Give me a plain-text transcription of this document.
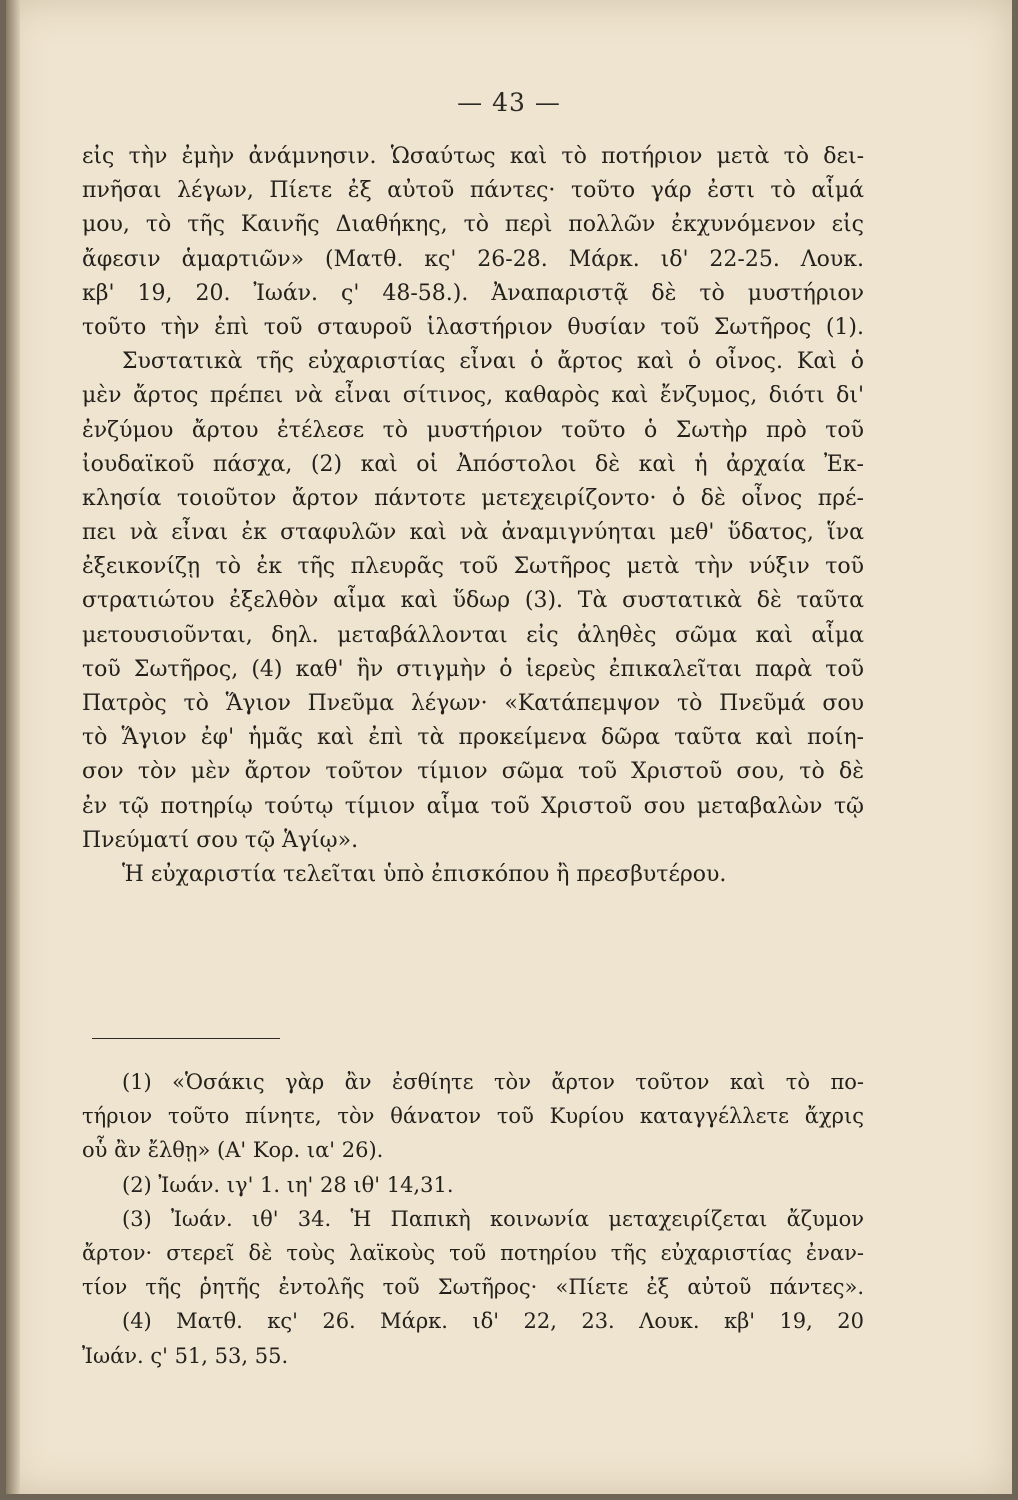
— 43 —
εἰς τὴν ἐμὴν ἀνάμνησιν. Ὡσαύτως καὶ τὸ ποτήριον μετὰ τὸ δει-
πνῆσαι λέγων, Πίετε ἐξ αὐτοῦ πάντες· τοῦτο γάρ ἐστι τὸ αἷμά
μου, τὸ τῆς Καινῆς Διαθήκης, τὸ περὶ πολλῶν ἐκχυνόμενον εἰς
ἄφεσιν ἁμαρτιῶν» (Ματθ. κς' 26-28. Μάρκ. ιδ' 22-25. Λουκ.
κβ' 19, 20. Ἰωάν. ς' 48-58.). Ἀναπαριστᾷ δὲ τὸ μυστήριον
τοῦτο τὴν ἐπὶ τοῦ σταυροῦ ἱλαστήριον θυσίαν τοῦ Σωτῆρος (1).
Συστατικὰ τῆς εὐχαριστίας εἶναι ὁ ἄρτος καὶ ὁ οἶνος. Καὶ ὁ
μὲν ἄρτος πρέπει νὰ εἶναι σίτινος, καθαρὸς καὶ ἔνζυμος, διότι δι'
ἐνζύμου ἄρτου ἐτέλεσε τὸ μυστήριον τοῦτο ὁ Σωτὴρ πρὸ τοῦ
ἰουδαϊκοῦ πάσχα, (2) καὶ οἱ Ἀπόστολοι δὲ καὶ ἡ ἀρχαία Ἐκ-
κλησία τοιοῦτον ἄρτον πάντοτε μετεχειρίζοντο· ὁ δὲ οἶνος πρέ-
πει νὰ εἶναι ἐκ σταφυλῶν καὶ νὰ ἀναμιγνύηται μεθ' ὕδατος, ἵνα
ἐξεικονίζῃ τὸ ἐκ τῆς πλευρᾶς τοῦ Σωτῆρος μετὰ τὴν νύξιν τοῦ
στρατιώτου ἐξελθὸν αἷμα καὶ ὕδωρ (3). Τὰ συστατικὰ δὲ ταῦτα
μετουσιοῦνται, δηλ. μεταβάλλονται εἰς ἀληθὲς σῶμα καὶ αἷμα
τοῦ Σωτῆρος, (4) καθ' ἣν στιγμὴν ὁ ἱερεὺς ἐπικαλεῖται παρὰ τοῦ
Πατρὸς τὸ Ἅγιον Πνεῦμα λέγων· «Κατάπεμψον τὸ Πνεῦμά σου
τὸ Ἅγιον ἐφ' ἡμᾶς καὶ ἐπὶ τὰ προκείμενα δῶρα ταῦτα καὶ ποίη-
σον τὸν μὲν ἄρτον τοῦτον τίμιον σῶμα τοῦ Χριστοῦ σου, τὸ δὲ
ἐν τῷ ποτηρίῳ τούτῳ τίμιον αἷμα τοῦ Χριστοῦ σου μεταβαλὼν τῷ
Πνεύματί σου τῷ Ἁγίῳ».
Ἡ εὐχαριστία τελεῖται ὑπὸ ἐπισκόπου ἢ πρεσβυτέρου.
(1) «Ὁσάκις γὰρ ἂν ἐσθίητε τὸν ἄρτον τοῦτον καὶ τὸ πο-
τήριον τοῦτο πίνητε, τὸν θάνατον τοῦ Κυρίου καταγγέλλετε ἄχρις
οὗ ἂν ἔλθῃ» (Α' Κορ. ια' 26).
(2) Ἰωάν. ιγ' 1. ιη' 28 ιθ' 14,31.
(3) Ἰωάν. ιθ' 34. Ἡ Παπικὴ κοινωνία μεταχειρίζεται ἄζυμον
ἄρτον· στερεῖ δὲ τοὺς λαϊκοὺς τοῦ ποτηρίου τῆς εὐχαριστίας ἐναν-
τίον τῆς ῥητῆς ἐντολῆς τοῦ Σωτῆρος· «Πίετε ἐξ αὐτοῦ πάντες».
(4) Ματθ. κς' 26. Μάρκ. ιδ' 22, 23. Λουκ. κβ' 19, 20
Ἰωάν. ς' 51, 53, 55.
